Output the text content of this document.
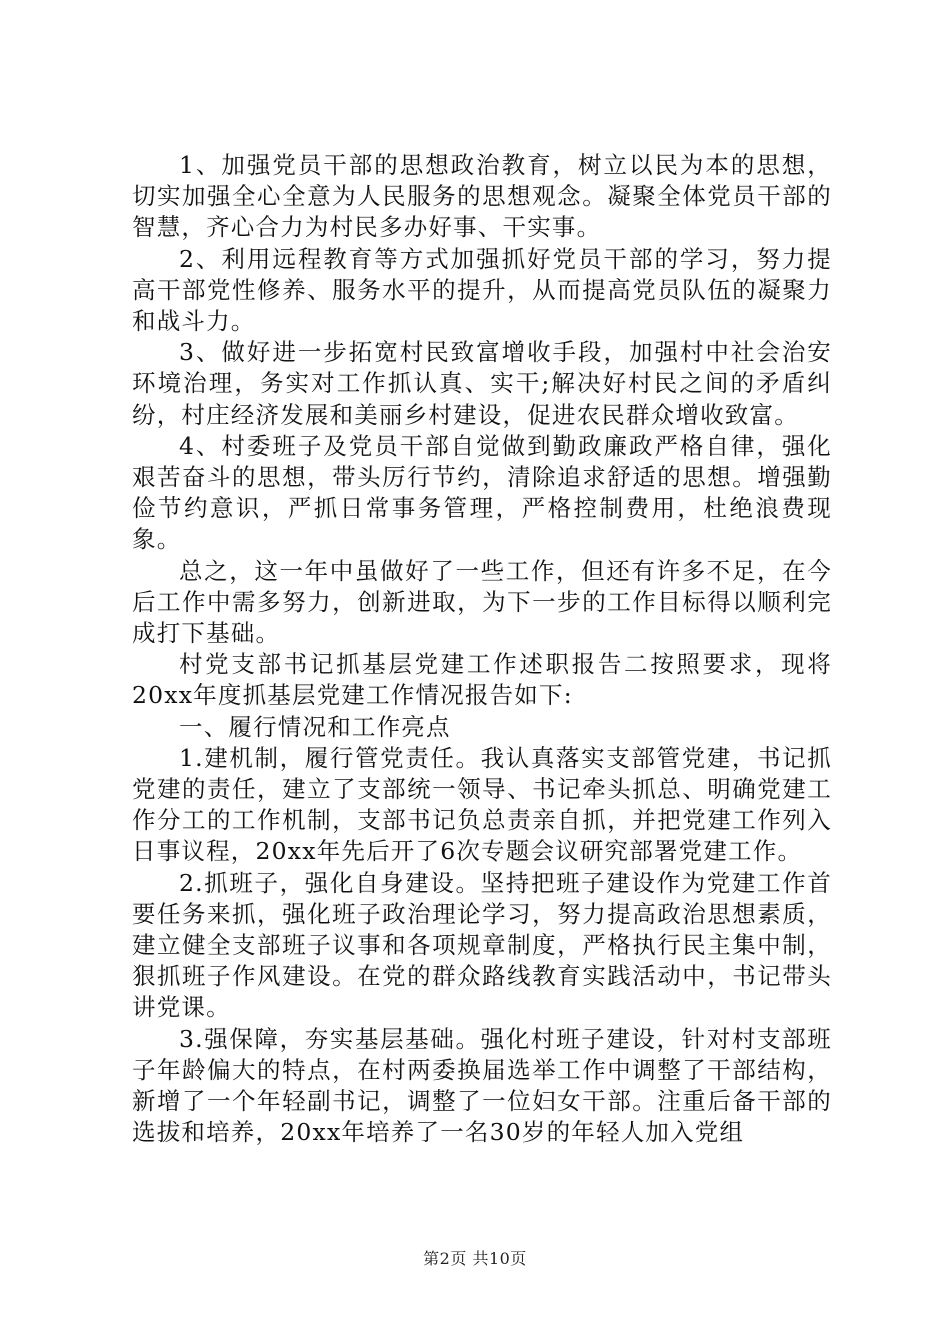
1、加强党员干部的思想政治教育，树立以民为本的思想，切实加强全心全意为人民服务的思想观念。凝聚全体党员干部的智慧，齐心合力为村民多办好事、干实事。

2、利用远程教育等方式加强抓好党员干部的学习，努力提高干部党性修养、服务水平的提升，从而提高党员队伍的凝聚力和战斗力。

3、做好进一步拓宽村民致富增收手段，加强村中社会治安环境治理，务实对工作抓认真、实干;解决好村民之间的矛盾纠纷，村庄经济发展和美丽乡村建设，促进农民群众增收致富。

4、村委班子及党员干部自觉做到勤政廉政严格自律，强化艰苦奋斗的思想，带头厉行节约，清除追求舒适的思想。增强勤俭节约意识，严抓日常事务管理，严格控制费用，杜绝浪费现象。

总之，这一年中虽做好了一些工作，但还有许多不足，在今后工作中需多努力，创新进取，为下一步的工作目标得以顺利完成打下基础。

村党支部书记抓基层党建工作述职报告二按照要求，现将20xx年度抓基层党建工作情况报告如下:

一、履行情况和工作亮点

1.建机制，履行管党责任。我认真落实支部管党建，书记抓党建的责任，建立了支部统一领导、书记牵头抓总、明确党建工作分工的工作机制，支部书记负总责亲自抓，并把党建工作列入日事议程，20xx年先后开了6次专题会议研究部署党建工作。

2.抓班子，强化自身建设。坚持把班子建设作为党建工作首要任务来抓，强化班子政治理论学习，努力提高政治思想素质，建立健全支部班子议事和各项规章制度，严格执行民主集中制，狠抓班子作风建设。在党的群众路线教育实践活动中，书记带头讲党课。

3.强保障，夯实基层基础。强化村班子建设，针对村支部班子年龄偏大的特点，在村两委换届选举工作中调整了干部结构，新增了一个年轻副书记，调整了一位妇女干部。注重后备干部的选拔和培养，20xx年培养了一名30岁的年轻人加入党组

第2页 共10页
